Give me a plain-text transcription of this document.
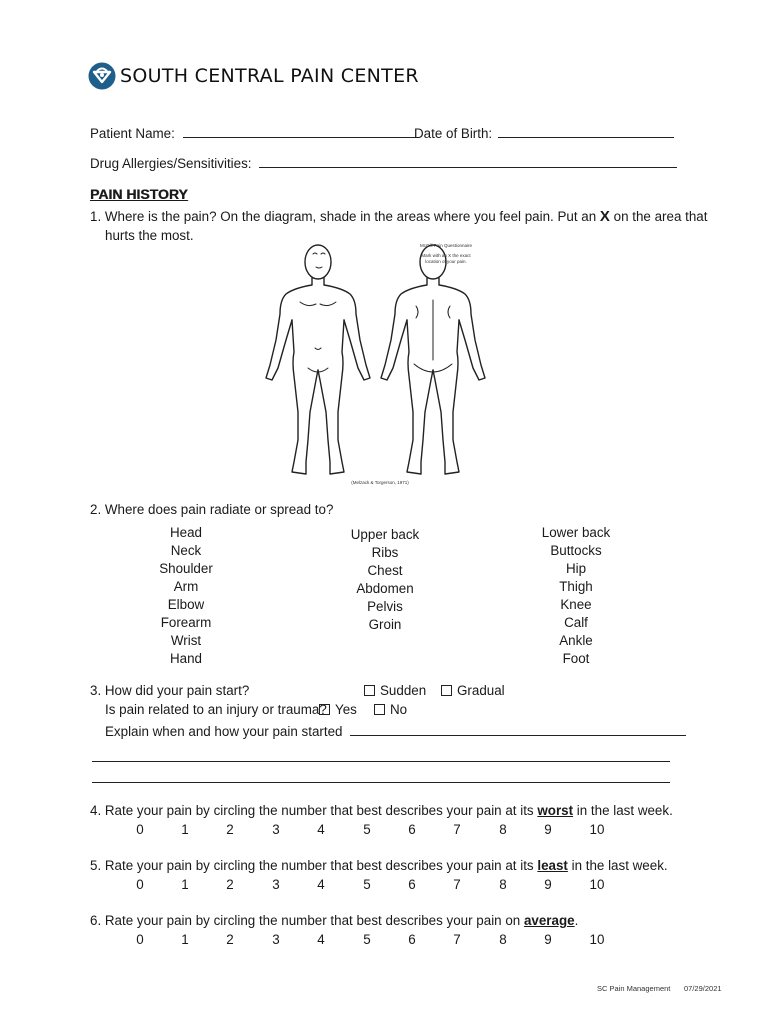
SOUTH CENTRAL PAIN CENTER
Patient Name:	Date of Birth:
Drug Allergies/Sensitivities:
PAIN HISTORY
1. Where is the pain? On the diagram, shade in the areas where you feel pain. Put an X on the area that
hurts the most.
McGill Pain Questionnaire
Mark with an X the exact
location of your pain.
(Melzack & Torgerson, 1971)
2. Where does pain radiate or spread to?
Head
Neck
Shoulder
Arm
Elbow
Forearm
Wrist
Hand
Upper back
Ribs
Chest
Abdomen
Pelvis
Groin
Lower back
Buttocks
Hip
Thigh
Knee
Calf
Ankle
Foot
3. How did your pain start?	Sudden	Gradual
Is pain related to an injury or trauma? Yes	No
Explain when and how your pain started
4. Rate your pain by circling the number that best describes your pain at its worst in the last week.
0	1	2	3	4	5	6	7	8	9	10
5. Rate your pain by circling the number that best describes your pain at its least in the last week.
0	1	2	3	4	5	6	7	8	9	10
6. Rate your pain by circling the number that best describes your pain on average.
0	1	2	3	4	5	6	7	8	9	10
SC Pain Management 07/29/2021
